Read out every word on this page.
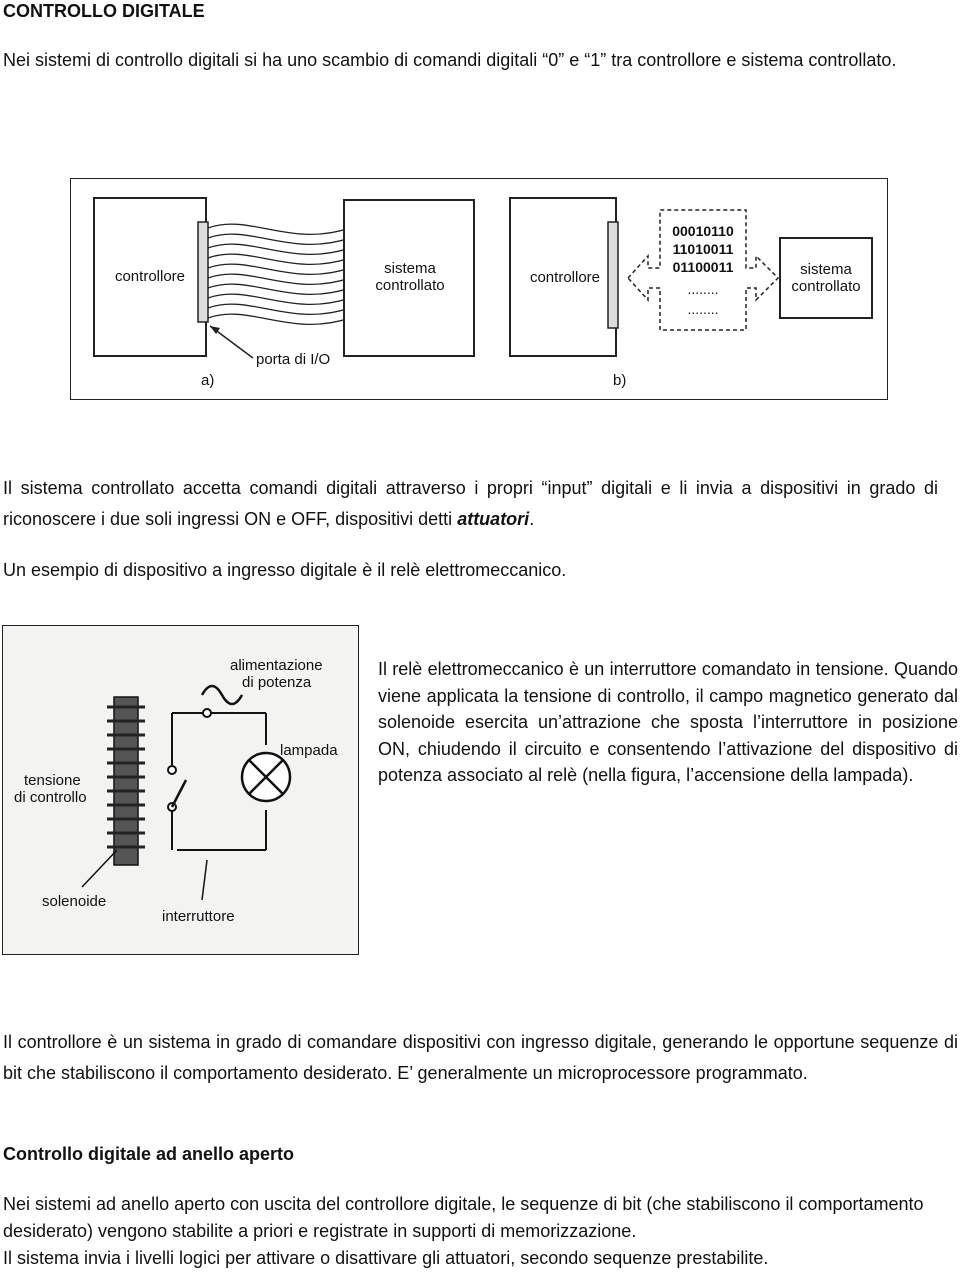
CONTROLLO DIGITALE
Nei sistemi di controllo digitali si ha uno scambio di comandi digitali “0” e “1” tra controllore e sistema controllato.
controllore	sistema
controllato
porta di I/O
a)
controllore
00010110
11010011
01100011
........
........
sistema
controllato
b)
Il sistema controllato accetta comandi digitali attraverso i propri “input” digitali e li invia a dispositivi in grado di riconoscere i due soli ingressi ON e OFF, dispositivi detti attuatori.
Un esempio di dispositivo a ingresso digitale è il relè elettromeccanico.
alimentazione
di potenza
lampada
tensione
di controllo
solenoide
interruttore
Il relè elettromeccanico è un interruttore comandato in tensione. Quando viene applicata la tensione di controllo, il campo magnetico generato dal solenoide esercita un’attrazione che sposta l’interruttore in posizione ON, chiudendo il circuito e consentendo l’attivazione del dispositivo di potenza associato al relè (nella figura, l’accensione della lampada).
Il controllore è un sistema in grado di comandare dispositivi con ingresso digitale, generando le opportune sequenze di bit che stabiliscono il comportamento desiderato. E’ generalmente un microprocessore programmato.
Controllo digitale ad anello aperto
Nei sistemi ad anello aperto con uscita del controllore digitale, le sequenze di bit (che stabiliscono il comportamento desiderato) vengono stabilite a priori e registrate in supporti di memorizzazione.
Il sistema invia i livelli logici per attivare o disattivare gli attuatori, secondo sequenze prestabilite.
